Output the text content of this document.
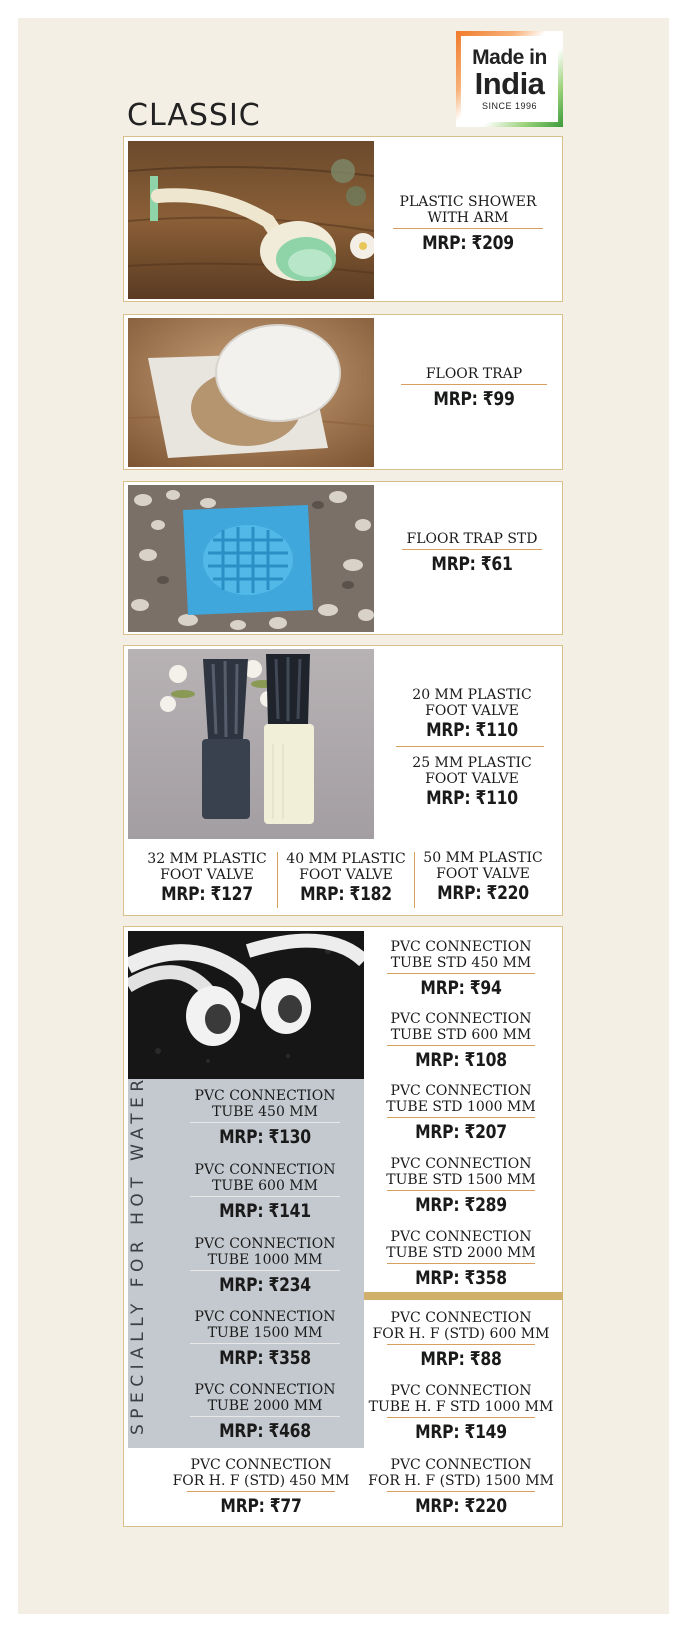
Made in
India
SINCE 1996
CLASSIC
PLASTIC SHOWER
WITH ARM
MRP: ₹209
FLOOR TRAP
MRP: ₹99
FLOOR TRAP STD
MRP: ₹61
20 MM PLASTIC
FOOT VALVE
MRP: ₹110
25 MM PLASTIC
FOOT VALVE
MRP: ₹110
32 MM PLASTIC
FOOT VALVE
MRP: ₹127
40 MM PLASTIC
FOOT VALVE
MRP: ₹182
50 MM PLASTIC
FOOT VALVE
MRP: ₹220
SPECIALLY FOR HOT WATER	PVC CONNECTION
TUBE 450 MM
MRP: ₹130
PVC CONNECTION
TUBE 600 MM
MRP: ₹141
PVC CONNECTION
TUBE 1000 MM
MRP: ₹234
PVC CONNECTION
TUBE 1500 MM
MRP: ₹358
PVC CONNECTION
TUBE 2000 MM
MRP: ₹468
PVC CONNECTION
TUBE STD 450 MM
MRP: ₹94
PVC CONNECTION
TUBE STD 600 MM
MRP: ₹108
PVC CONNECTION
TUBE STD 1000 MM
MRP: ₹207
PVC CONNECTION
TUBE STD 1500 MM
MRP: ₹289
PVC CONNECTION
TUBE STD 2000 MM
MRP: ₹358
PVC CONNECTION
FOR H. F (STD) 600 MM
MRP: ₹88
PVC CONNECTION
TUBE H. F STD 1000 MM
MRP: ₹149
PVC CONNECTION
FOR H. F (STD) 1500 MM
MRP: ₹220
PVC CONNECTION
FOR H. F (STD) 450 MM
MRP: ₹77
